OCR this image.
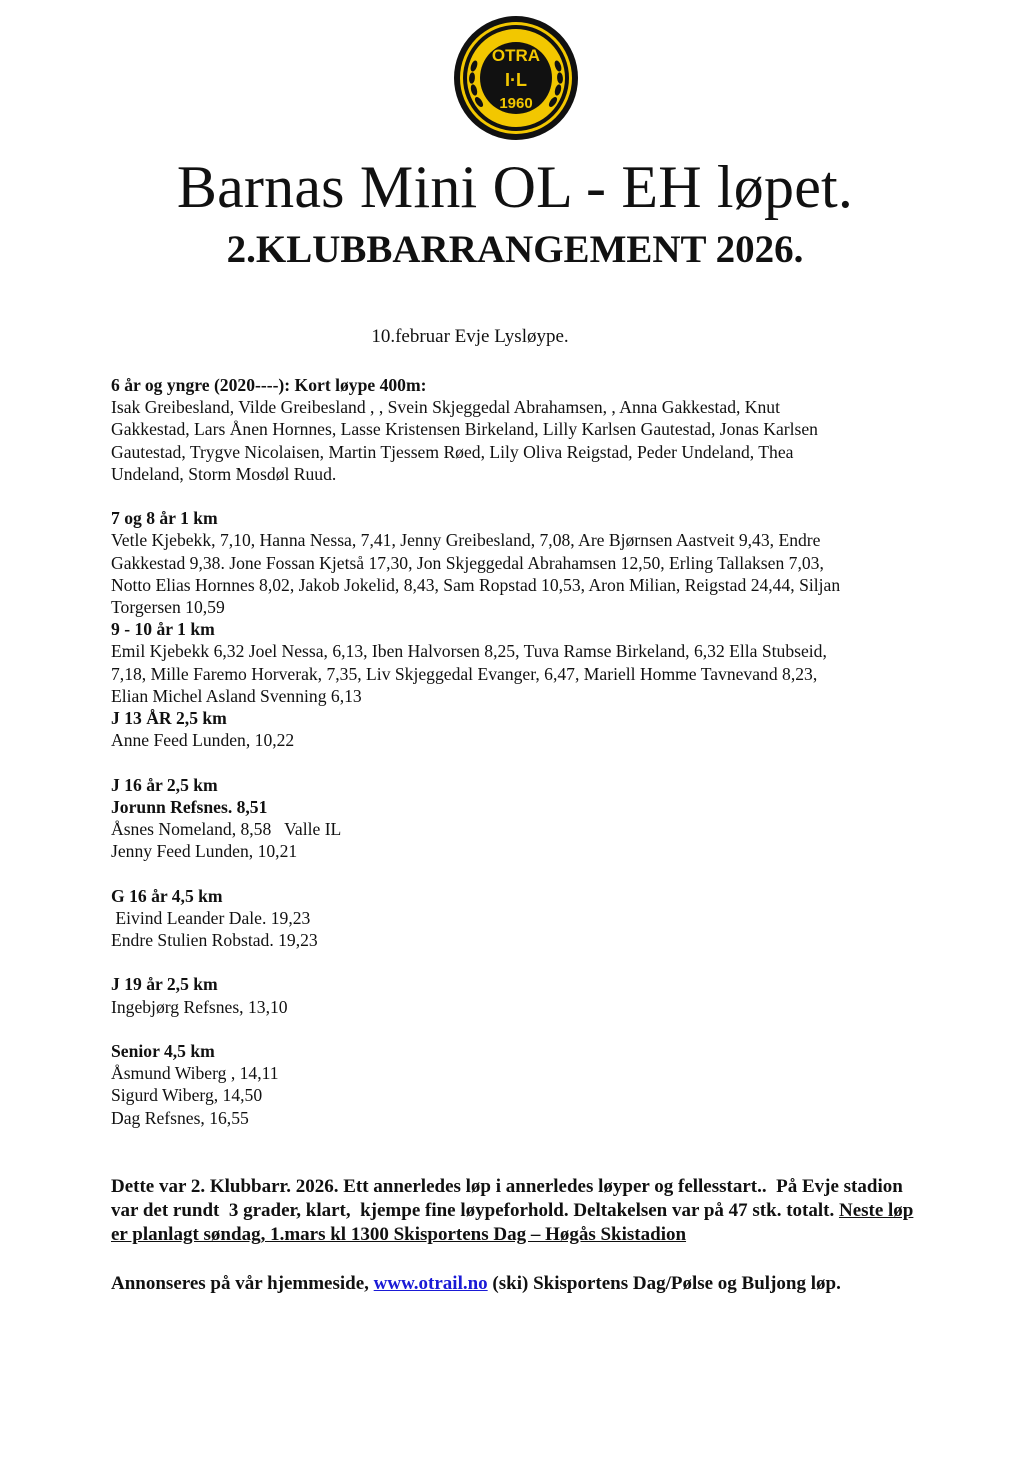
OTRA
I·L
1960
Barnas Mini OL - EH løpet.
2.KLUBBARRANGEMENT 2026.
10.februar Evje Lysløype.

6 år og yngre (2020----): Kort løype 400m:

Isak Greibesland, Vilde Greibesland , , Svein Skjeggedal Abrahamsen, , Anna Gakkestad, Knut

Gakkestad, Lars Ånen Hornnes, Lasse Kristensen Birkeland, Lilly Karlsen Gautestad, Jonas Karlsen

Gautestad, Trygve Nicolaisen, Martin Tjessem Røed, Lily Oliva Reigstad, Peder Undeland, Thea

Undeland, Storm Mosdøl Ruud.

7 og 8 år 1 km

Vetle Kjebekk, 7,10, Hanna Nessa, 7,41, Jenny Greibesland, 7,08, Are Bjørnsen Aastveit 9,43, Endre

Gakkestad 9,38. Jone Fossan Kjetså 17,30, Jon Skjeggedal Abrahamsen 12,50, Erling Tallaksen 7,03,

Notto Elias Hornnes 8,02, Jakob Jokelid, 8,43, Sam Ropstad 10,53, Aron Milian, Reigstad 24,44, Siljan

Torgersen 10,59

9 - 10 år 1 km

Emil Kjebekk 6,32 Joel Nessa, 6,13, Iben Halvorsen 8,25, Tuva Ramse Birkeland, 6,32 Ella Stubseid,

7,18, Mille Faremo Horverak, 7,35, Liv Skjeggedal Evanger, 6,47, Mariell Homme Tavnevand 8,23,

Elian Michel Asland Svenning 6,13

J 13 ÅR 2,5 km

Anne Feed Lunden, 10,22

J 16 år 2,5 km

Jorunn Refsnes. 8,51

Åsnes Nomeland, 8,58   Valle IL

Jenny Feed Lunden, 10,21

G 16 år 4,5 km

Eivind Leander Dale. 19,23

Endre Stulien Robstad. 19,23

J 19 år 2,5 km

Ingebjørg Refsnes, 13,10

Senior 4,5 km

Åsmund Wiberg , 14,11

Sigurd Wiberg, 14,50

Dag Refsnes, 16,55

Dette var 2. Klubbarr. 2026. Ett annerledes løp i annerledes løyper og fellesstart..  På Evje stadion var det rundt  3 grader, klart,  kjempe fine løypeforhold. Deltakelsen var på 47 stk. totalt. Neste løp er planlagt søndag, 1.mars kl 1300 Skisportens Dag – Høgås Skistadion

Annonseres på vår hjemmeside, www.otrail.no (ski) Skisportens Dag/Pølse og Buljong løp.
